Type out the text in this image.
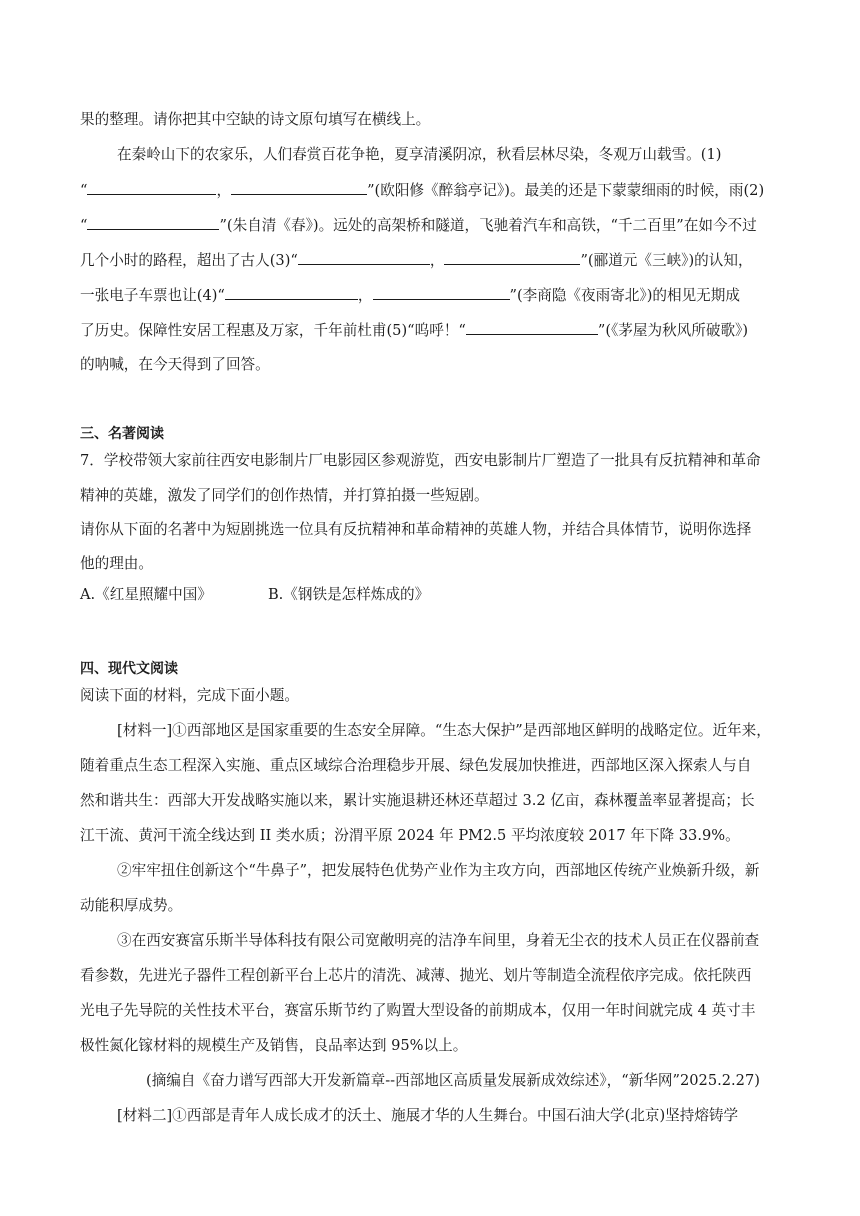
果的整理。请你把其中空缺的诗文原句填写在横线上。
在秦岭山下的农家乐，人们春赏百花争艳，夏享清溪阴凉，秋看层林尽染，冬观万山载雪。(1)
“	，	”(欧阳修《醉翁亭记》)。最美的还是下蒙蒙细雨的时候，雨(2)
“	”(朱自清《春》)。远处的高架桥和隧道，飞驰着汽车和高铁，“千二百里”在如今不过
几个小时的路程，超出了古人(3)“	，	”(郦道元《三峡》)的认知，
一张电子车票也让(4)“	，	”(李商隐《夜雨寄北》)的相见无期成
了历史。保障性安居工程惠及万家，千年前杜甫(5)“呜呼！“	”(《茅屋为秋风所破歌》)
的呐喊，在今天得到了回答。
三、名著阅读
7．学校带领大家前往西安电影制片厂电影园区参观游览，西安电影制片厂塑造了一批具有反抗精神和革命
精神的英雄，激发了同学们的创作热情，并打算拍摄一些短剧。
请你从下面的名著中为短剧挑选一位具有反抗精神和革命精神的英雄人物，并结合具体情节，说明你选择
他的理由。
A.《红星照耀中国》	B.《钢铁是怎样炼成的》
四、现代文阅读
阅读下面的材料，完成下面小题。
[材料一]①西部地区是国家重要的生态安全屏障。“生态大保护”是西部地区鲜明的战略定位。近年来，
随着重点生态工程深入实施、重点区域综合治理稳步开展、绿色发展加快推进，西部地区深入探索人与自
然和谐共生：西部大开发战略实施以来，累计实施退耕还林还草超过 3.2 亿亩，森林覆盖率显著提高；长
江干流、黄河干流全线达到 II 类水质；汾渭平原 2024 年 PM2.5 平均浓度较 2017 年下降 33.9%。
②牢牢扭住创新这个“牛鼻子”，把发展特色优势产业作为主攻方向，西部地区传统产业焕新升级，新
动能积厚成势。
③在西安赛富乐斯半导体科技有限公司宽敞明亮的洁净车间里，身着无尘衣的技术人员正在仪器前查
看参数，先进光子器件工程创新平台上芯片的清洗、减薄、抛光、划片等制造全流程依序完成。依托陕西
光电子先导院的关性技术平台，赛富乐斯节约了购置大型设备的前期成本，仅用一年时间就完成 4 英寸丰
极性氮化镓材料的规模生产及销售，良品率达到 95%以上。
(摘编自《奋力谱写西部大开发新篇章--西部地区高质量发展新成效综述》，“新华网”2025.2.27)
[材料二]①西部是青年人成长成才的沃土、施展才华的人生舞台。中国石油大学(北京)坚持熔铸学
